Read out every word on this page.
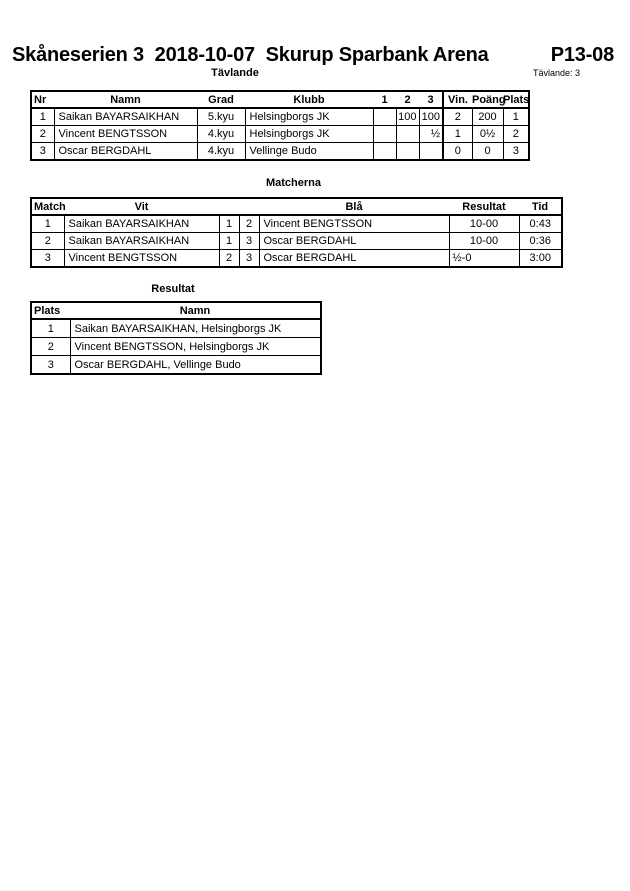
Skåneserien 3  2018-10-07  Skurup Sparbank Arena	P13-08
Tävlande: 3
Tävlande
Nr	Namn	Grad	Klubb	1	2	3	Vin.	Poäng	Plats
1	Saikan BAYARSAIKHAN	5.kyu	Helsingborgs JK		100	100	2	200	1
2	Vincent BENGTSSON	4.kyu	Helsingborgs JK			½	1	0½	2
3	Oscar BERGDAHL	4.kyu	Vellinge Budo				0	0	3
Matcherna
Match	Vit			Blå	Resultat	Tid
1	Saikan BAYARSAIKHAN	1	2	Vincent BENGTSSON	10-00	0:43
2	Saikan BAYARSAIKHAN	1	3	Oscar BERGDAHL	10-00	0:36
3	Vincent BENGTSSON	2	3	Oscar BERGDAHL	½-0	3:00
Resultat
Plats	Namn
1	Saikan BAYARSAIKHAN, Helsingborgs JK
2	Vincent BENGTSSON, Helsingborgs JK
3	Oscar BERGDAHL, Vellinge Budo
